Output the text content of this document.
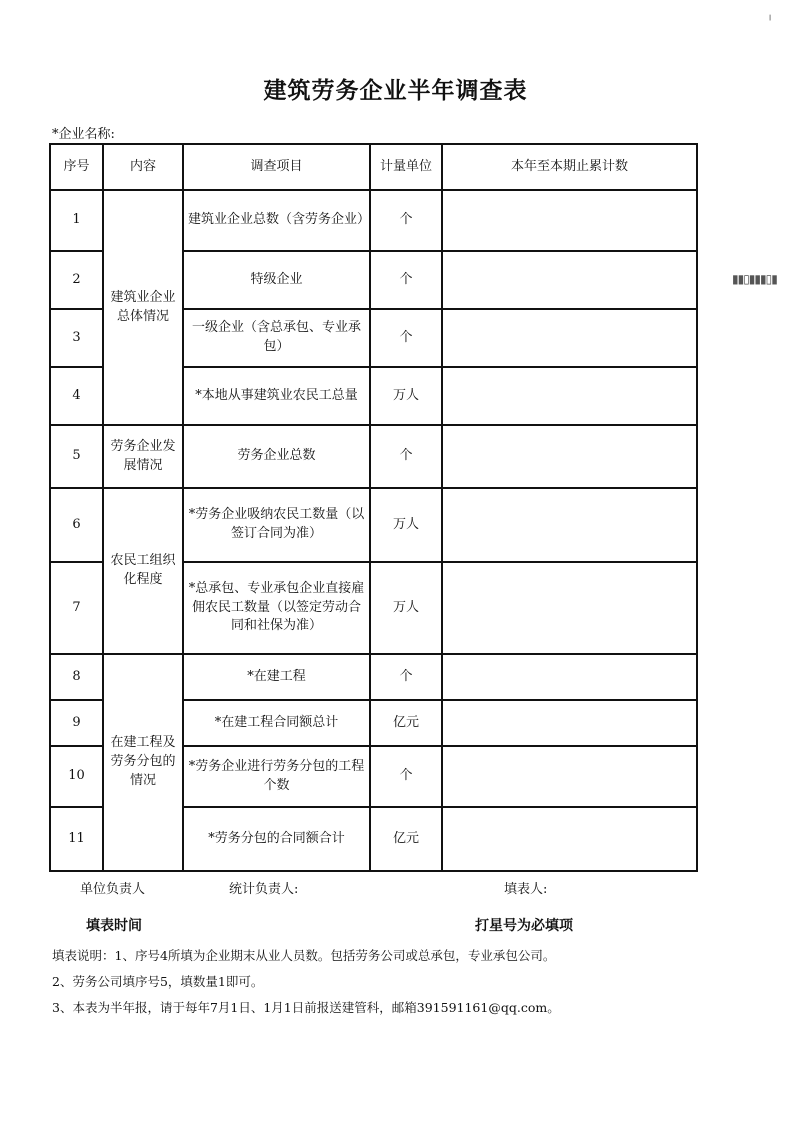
建筑劳务企业半年调查表
*企业名称:
序号	内容	调查项目	计量单位	本年至本期止累计数
1	建筑业企业总体情况	建筑业企业总数（含劳务企业）	个	
2		特级企业	个	
3		一级企业（含总承包、专业承包）	个	
4		*本地从事建筑业农民工总量	万人	
5	劳务企业发展情况	劳务企业总数	个	
6	农民工组织化程度	*劳务企业吸纳农民工数量（以签订合同为准）	万人	
7		*总承包、专业承包企业直接雇佣农民工数量（以签定劳动合同和社保为准）	万人	
8	在建工程及劳务分包的情况	*在建工程	个	
9		*在建工程合同额总计	亿元	
10		*劳务企业进行劳务分包的工程个数	个	
11		*劳务分包的合同额合计	亿元	
单位负责人	统计负责人:	填表人:
填表时间	打星号为必填项
填表说明：1、序号4所填为企业期末从业人员数。包括劳务公司或总承包，专业承包公司。
2、劳务公司填序号5，填数量1即可。
3、本表为半年报，请于每年7月1日、1月1日前报送建管科，邮箱391591161@qq.com。
▮▮▯▮▮▮▯▮
╷
